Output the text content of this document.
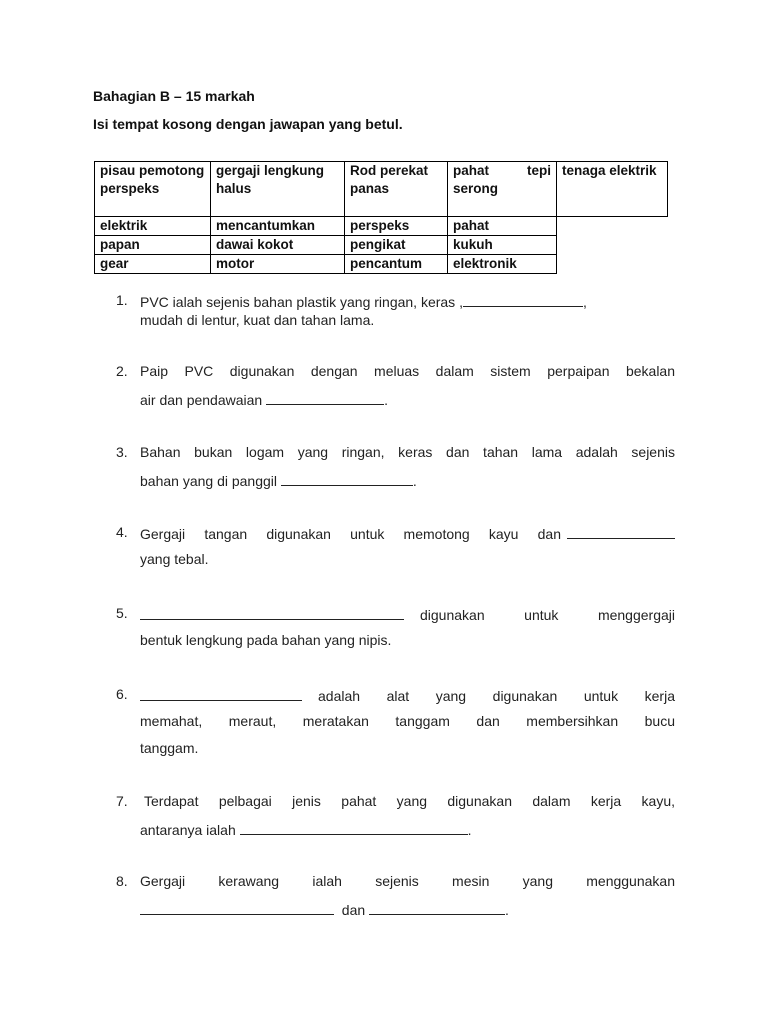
Bahagian B – 15 markah
Isi tempat kosong dengan jawapan yang betul.
pisau pemotong perspeks	gergaji lengkung halus	Rod perekat panas	pahat tepi serong	tenaga elektrik
elektrik	mencantumkan	perspeks	pahat	
papan	dawai kokot	pengikat	kukuh	
gear	motor	pencantum	elektronik	
1. PVC ialah sejenis bahan plastik yang ringan, keras ,	,
mudah di lentur, kuat dan tahan lama.
2. Paip PVC digunakan dengan meluas dalam sistem perpaipan bekalan
air dan pendawaian	.
3. Bahan bukan logam yang ringan, keras dan tahan lama adalah sejenis
bahan yang di panggil	.
4. Gergaji tangan digunakan untuk memotong kayu dan
yang tebal.
5.	digunakan untuk menggergaji
bentuk lengkung pada bahan yang nipis.
6.	adalah alat yang digunakan untuk kerja
memahat, meraut, meratakan tanggam dan membersihkan bucu
tanggam.
7. Terdapat pelbagai jenis pahat yang digunakan dalam kerja kayu,
antaranya ialah	.
8. Gergaji kerawang ialah sejenis mesin yang menggunakan
dan	.
